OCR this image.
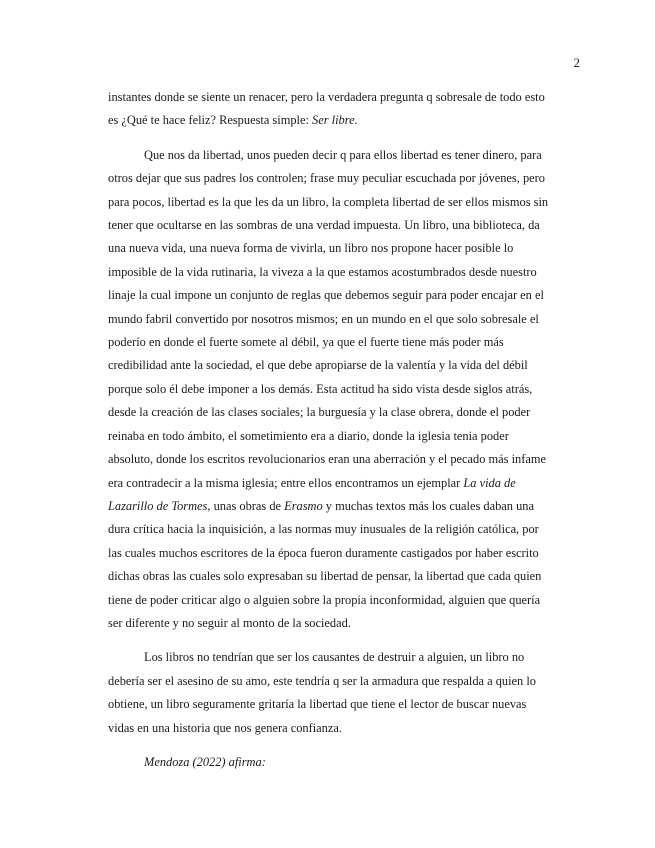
2

instantes donde se siente un renacer, pero la verdadera pregunta q sobresale de todo esto es ¿Qué te hace feliz? Respuesta simple: Ser libre.

Que nos da libertad, unos pueden decir q para ellos libertad es tener dinero, para otros dejar que sus padres los controlen; frase muy peculiar escuchada por jóvenes, pero para pocos, libertad es la que les da un libro, la completa libertad de ser ellos mismos sin tener que ocultarse en las sombras de una verdad impuesta. Un libro, una biblioteca, da una nueva vida, una nueva forma de vivirla, un libro nos propone hacer posible lo imposible de la vida rutinaria, la viveza a la que estamos acostumbrados desde nuestro linaje la cual impone un conjunto de reglas que debemos seguir para poder encajar en el mundo fabril convertido por nosotros mismos; en un mundo en el que solo sobresale el poderío en donde el fuerte somete al débil, ya que el fuerte tiene más poder más credibilidad ante la sociedad, el que debe apropiarse de la valentía y la vida del débil porque solo él debe imponer a los demás. Esta actitud ha sido vista desde siglos atrás, desde la creación de las clases sociales; la burguesía y la clase obrera, donde el poder reinaba en todo ámbito, el sometimiento era a diario, donde la iglesia tenia poder absoluto, donde los escritos revolucionarios eran una aberración y el pecado más infame era contradecir a la misma iglesia; entre ellos encontramos un ejemplar La vida de Lazarillo de Tormes, unas obras de Erasmo y muchas textos más los cuales daban una dura crítica hacia la inquisición, a las normas muy inusuales de la religión católica, por las cuales muchos escritores de la época fueron duramente castigados por haber escrito dichas obras las cuales solo expresaban su libertad de pensar, la libertad que cada quien tiene de poder criticar algo o alguien sobre la propia inconformidad, alguien que quería ser diferente y no seguir al monto de la sociedad.

Los libros no tendrían que ser los causantes de destruir a alguien, un libro no debería ser el asesino de su amo, este tendría q ser la armadura que respalda a quien lo obtiene, un libro seguramente gritaría la libertad que tiene el lector de buscar nuevas vidas en una historia que nos genera confianza.

Mendoza (2022) afirma:
